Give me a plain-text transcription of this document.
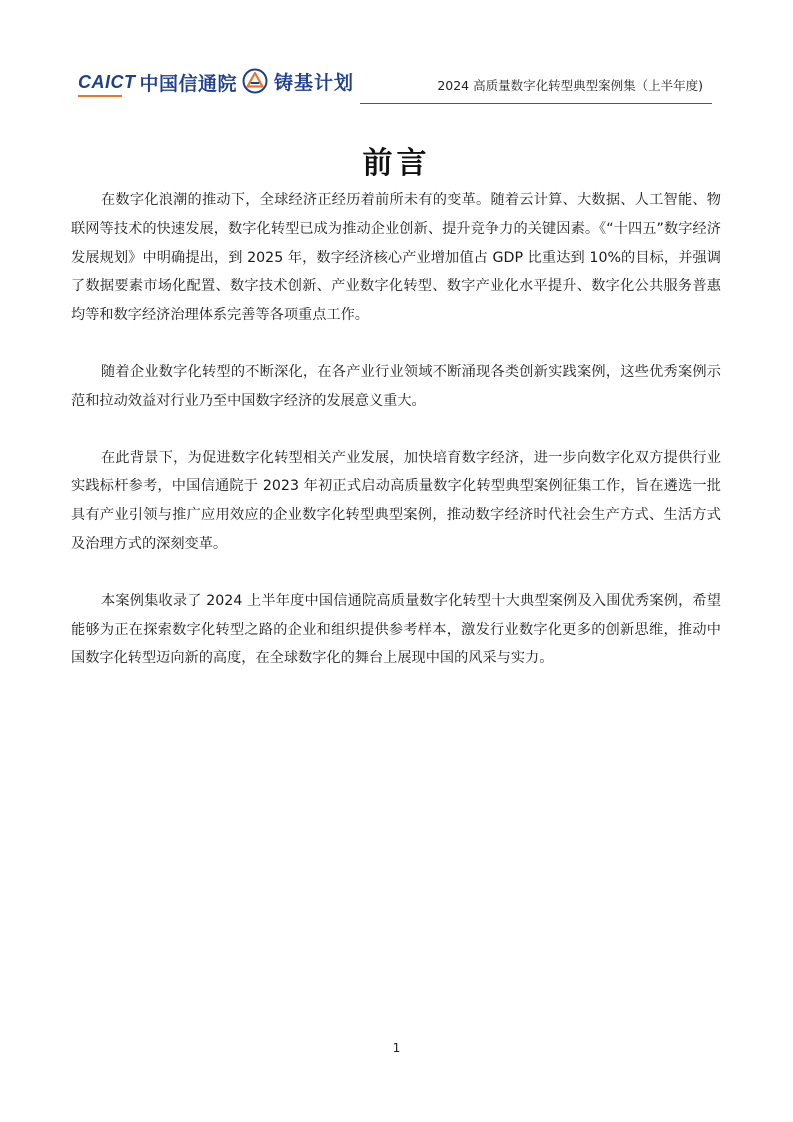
CAICT 中国信通院 铸基计划	2024 高质量数字化转型典型案例集（上半年度)
前言

在数字化浪潮的推动下，全球经济正经历着前所未有的变革。随着云计算、大数据、人工智能、物联网等技术的快速发展，数字化转型已成为推动企业创新、提升竞争力的关键因素。《“十四五”数字经济发展规划》中明确提出，到 2025 年，数字经济核心产业增加值占 GDP 比重达到 10%的目标，并强调了数据要素市场化配置、数字技术创新、产业数字化转型、数字产业化水平提升、数字化公共服务普惠均等和数字经济治理体系完善等各项重点工作。

随着企业数字化转型的不断深化，在各产业行业领域不断涌现各类创新实践案例，这些优秀案例示范和拉动效益对行业乃至中国数字经济的发展意义重大。

在此背景下，为促进数字化转型相关产业发展，加快培育数字经济，进一步向数字化双方提供行业实践标杆参考，中国信通院于 2023 年初正式启动高质量数字化转型典型案例征集工作，旨在遴选一批具有产业引领与推广应用效应的企业数字化转型典型案例，推动数字经济时代社会生产方式、生活方式及治理方式的深刻变革。

本案例集收录了 2024 上半年度中国信通院高质量数字化转型十大典型案例及入围优秀案例，希望能够为正在探索数字化转型之路的企业和组织提供参考样本，激发行业数字化更多的创新思维，推动中国数字化转型迈向新的高度，在全球数字化的舞台上展现中国的风采与实力。

1
